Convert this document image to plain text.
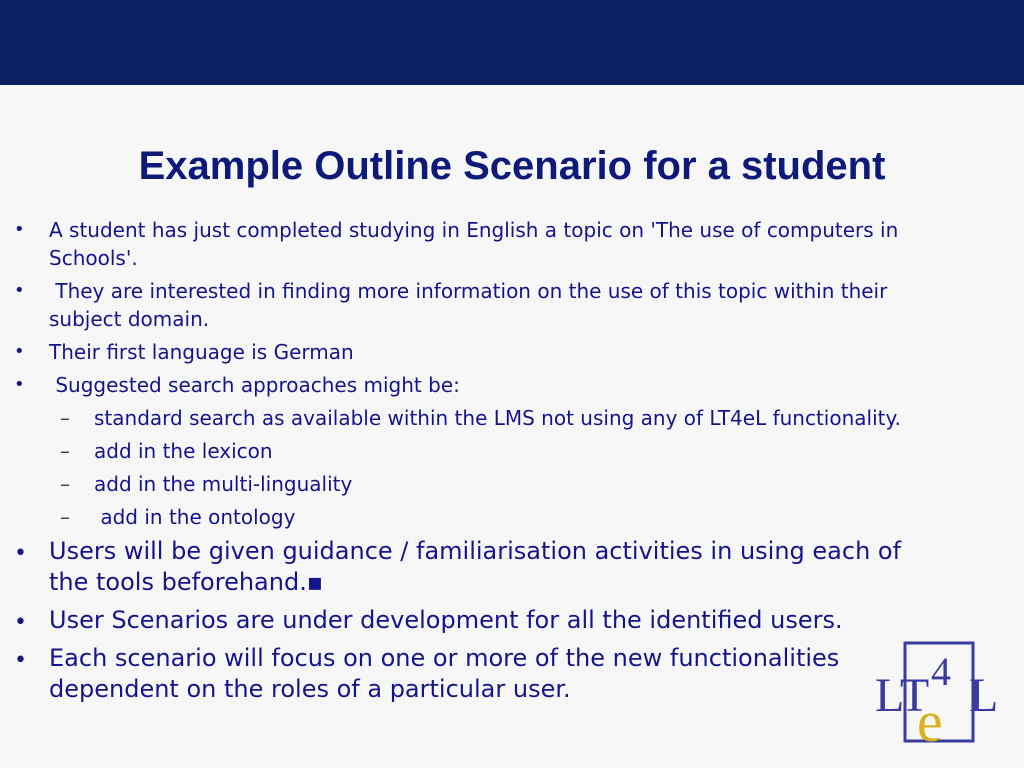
Example Outline Scenario for a student
• A student has just completed studying in English a topic on 'The use of computers in Schools'.
• They are interested in finding more information on the use of this topic within their subject domain.
• Their first language is German
• Suggested search approaches might be:
– standard search as available within the LMS not using any of LT4eL functionality.
– add in the lexicon
– add in the multi-linguality
– add in the ontology
• Users will be given guidance / familiarisation activities in using each of the tools beforehand.▪
• User Scenarios are under development for all the identified users.
• Each scenario will focus on one or more of the new functionalities dependent on the roles of a particular user.	LT 4
e L
